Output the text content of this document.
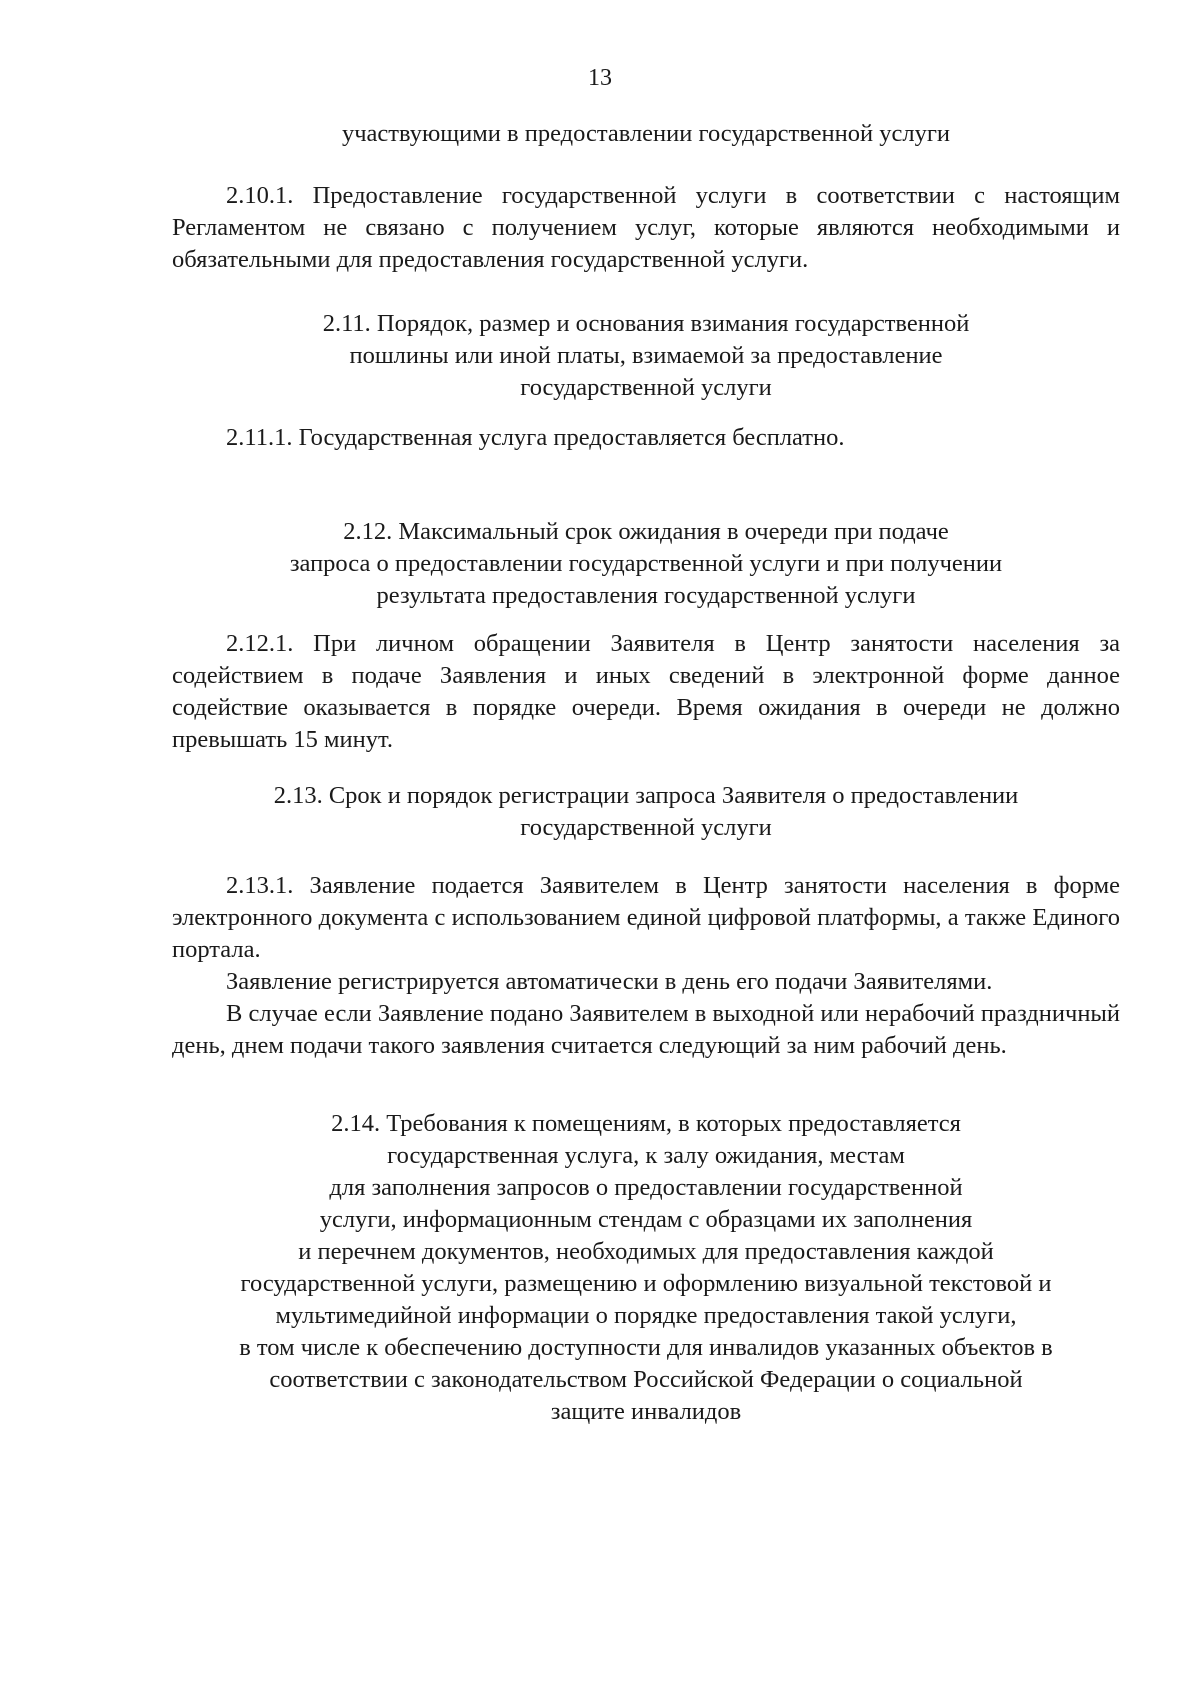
13

участвующими в предоставлении государственной услуги

2.10.1. Предоставление государственной услуги в соответствии с настоящим Регламентом не связано с получением услуг, которые являются необходимыми и обязательными для предоставления государственной услуги.

2.11. Порядок, размер и основания взимания государственной
пошлины или иной платы, взимаемой за предоставление
государственной услуги

2.11.1. Государственная услуга предоставляется бесплатно.

2.12. Максимальный срок ожидания в очереди при подаче
запроса о предоставлении государственной услуги и при получении
результата предоставления государственной услуги

2.12.1. При личном обращении Заявителя в Центр занятости населения за содействием в подаче Заявления и иных сведений в электронной форме данное содействие оказывается в порядке очереди. Время ожидания в очереди не должно превышать 15 минут.

2.13. Срок и порядок регистрации запроса Заявителя о предоставлении
государственной услуги

2.13.1. Заявление подается Заявителем в Центр занятости населения в форме электронного документа с использованием единой цифровой платформы, а также Единого портала.

Заявление регистрируется автоматически в день его подачи Заявителями.

В случае если Заявление подано Заявителем в выходной или нерабочий праздничный день, днем подачи такого заявления считается следующий за ним рабочий день.

2.14. Требования к помещениям, в которых предоставляется
государственная услуга, к залу ожидания, местам
для заполнения запросов о предоставлении государственной
услуги, информационным стендам с образцами их заполнения
и перечнем документов, необходимых для предоставления каждой
государственной услуги, размещению и оформлению визуальной текстовой и
мультимедийной информации о порядке предоставления такой услуги,
в том числе к обеспечению доступности для инвалидов указанных объектов в
соответствии с законодательством Российской Федерации о социальной
защите инвалидов
